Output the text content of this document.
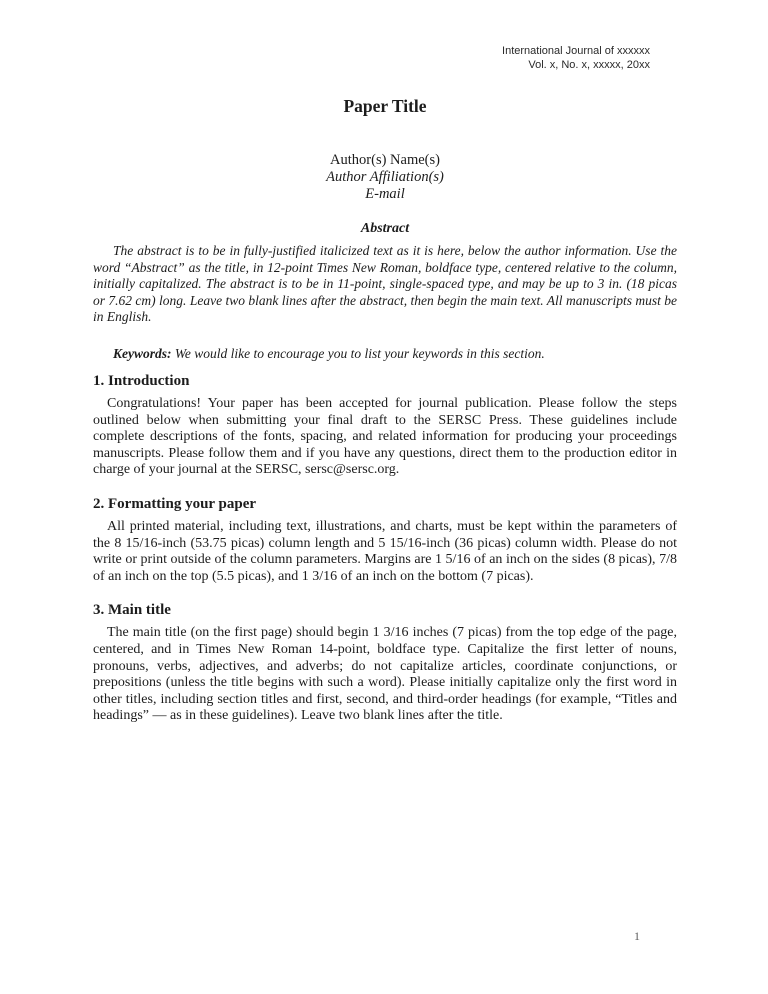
International Journal of xxxxxx
Vol. x, No. x, xxxxx, 20xx
Paper Title
Author(s) Name(s)
Author Affiliation(s)
E-mail
Abstract

The abstract is to be in fully-justified italicized text as it is here, below the author information. Use the word “Abstract” as the title, in 12-point Times New Roman, boldface type, centered relative to the column, initially capitalized. The abstract is to be in 11-point, single-spaced type, and may be up to 3 in. (18 picas or 7.62 cm) long. Leave two blank lines after the abstract, then begin the main text. All manuscripts must be in English.

Keywords: We would like to encourage you to list your keywords in this section.

1. Introduction

Congratulations! Your paper has been accepted for journal publication. Please follow the steps outlined below when submitting your final draft to the SERSC Press. These guidelines include complete descriptions of the fonts, spacing, and related information for producing your proceedings manuscripts. Please follow them and if you have any questions, direct them to the production editor in charge of your journal at the SERSC, sersc@sersc.org.

2. Formatting your paper

All printed material, including text, illustrations, and charts, must be kept within the parameters of the 8 15/16-inch (53.75 picas) column length and 5 15/16-inch (36 picas) column width. Please do not write or print outside of the column parameters. Margins are 1 5/16 of an inch on the sides (8 picas), 7/8 of an inch on the top (5.5 picas), and 1 3/16 of an inch on the bottom (7 picas).

3. Main title

The main title (on the first page) should begin 1 3/16 inches (7 picas) from the top edge of the page, centered, and in Times New Roman 14-point, boldface type. Capitalize the first letter of nouns, pronouns, verbs, adjectives, and adverbs; do not capitalize articles, coordinate conjunctions, or prepositions (unless the title begins with such a word). Please initially capitalize only the first word in other titles, including section titles and first, second, and third-order headings (for example, “Titles and headings” — as in these guidelines). Leave two blank lines after the title.

1
